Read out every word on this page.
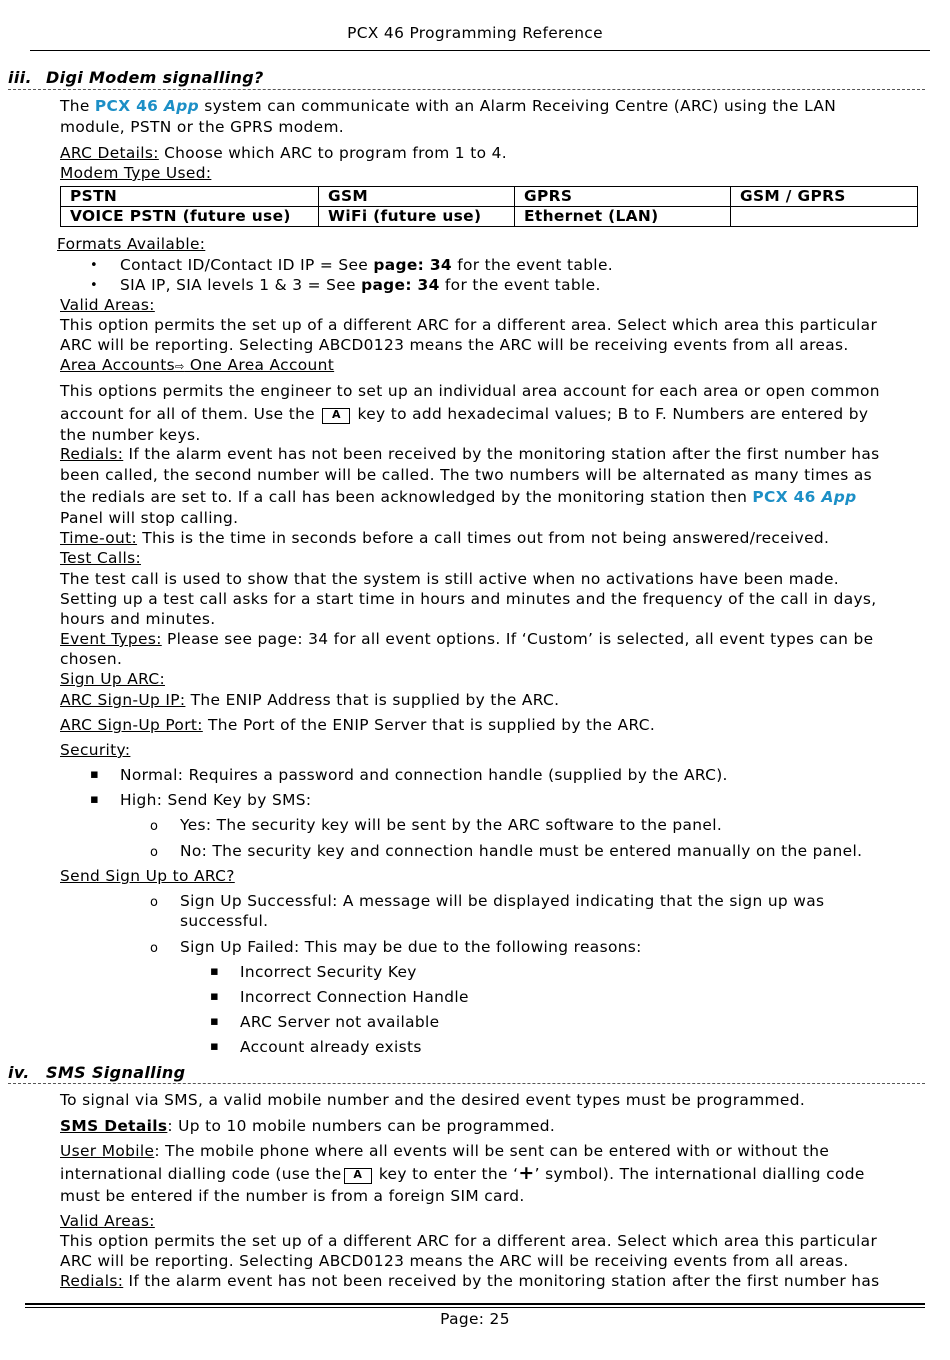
PCX 46 Programming Reference
iii. Digi Modem signalling?
The PCX 46 App system can communicate with an Alarm Receiving Centre (ARC) using the LAN
module, PSTN or the GPRS modem.
ARC Details: Choose which ARC to program from 1 to 4.
Modem Type Used:
PSTN	GSM	GPRS	GSM / GPRS
VOICE PSTN (future use)	WiFi (future use)	Ethernet (LAN)	
Formats Available:
• Contact ID/Contact ID IP = See page: 34 for the event table.
• SIA IP, SIA levels 1 & 3 = See page: 34 for the event table.
Valid Areas:
This option permits the set up of a different ARC for a different area. Select which area this particular
ARC will be reporting. Selecting ABCD0123 means the ARC will be receiving events from all areas.
Area Accounts⇨ One Area Account
This options permits the engineer to set up an individual area account for each area or open common
account for all of them. Use the A key to add hexadecimal values; B to F. Numbers are entered by
the number keys.
Redials: If the alarm event has not been received by the monitoring station after the first number has
been called, the second number will be called. The two numbers will be alternated as many times as
the redials are set to. If a call has been acknowledged by the monitoring station then PCX 46 App
Panel will stop calling.
Time-out: This is the time in seconds before a call times out from not being answered/received.
Test Calls:
The test call is used to show that the system is still active when no activations have been made.
Setting up a test call asks for a start time in hours and minutes and the frequency of the call in days,
hours and minutes.
Event Types: Please see page: 34 for all event options. If ‘Custom’ is selected, all event types can be
chosen.
Sign Up ARC:
ARC Sign-Up IP: The ENIP Address that is supplied by the ARC.
ARC Sign-Up Port: The Port of the ENIP Server that is supplied by the ARC.
Security:
▪ Normal: Requires a password and connection handle (supplied by the ARC).
▪ High: Send Key by SMS:
o Yes: The security key will be sent by the ARC software to the panel.
o No: The security key and connection handle must be entered manually on the panel.
Send Sign Up to ARC?
o Sign Up Successful: A message will be displayed indicating that the sign up was
successful.
o Sign Up Failed: This may be due to the following reasons:
▪ Incorrect Security Key
▪ Incorrect Connection Handle
▪ ARC Server not available
▪ Account already exists
iv. SMS Signalling
To signal via SMS, a valid mobile number and the desired event types must be programmed.
SMS Details: Up to 10 mobile numbers can be programmed.
User Mobile: The mobile phone where all events will be sent can be entered with or without the
international dialling code (use the A key to enter the ‘+’ symbol). The international dialling code
must be entered if the number is from a foreign SIM card.
Valid Areas:
This option permits the set up of a different ARC for a different area. Select which area this particular
ARC will be reporting. Selecting ABCD0123 means the ARC will be receiving events from all areas.
Redials: If the alarm event has not been received by the monitoring station after the first number has
Page: 25
